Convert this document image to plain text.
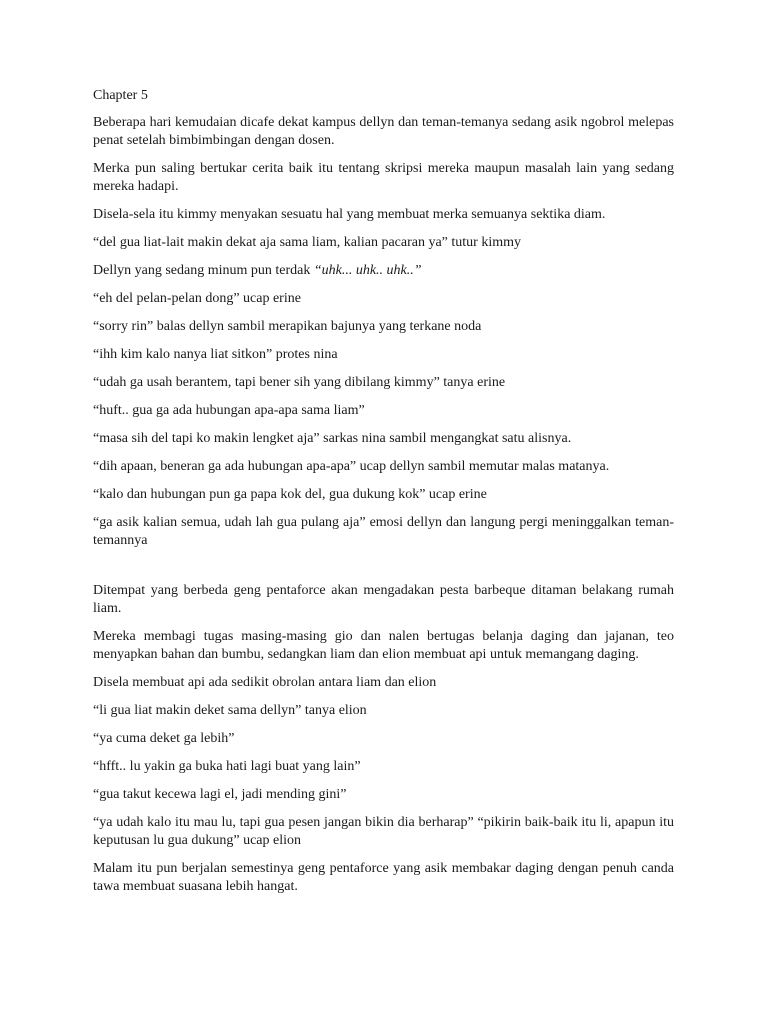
Chapter 5

Beberapa hari kemudaian dicafe dekat kampus dellyn dan teman-temanya sedang asik ngobrol melepas penat setelah bimbimbingan dengan dosen.

Merka pun saling bertukar cerita baik itu tentang skripsi mereka maupun masalah lain yang sedang mereka hadapi.

Disela-sela itu kimmy menyakan sesuatu hal yang membuat merka semuanya sektika diam.

“del gua liat-lait makin dekat aja sama liam, kalian pacaran ya” tutur kimmy

Dellyn yang sedang minum pun terdak “uhk... uhk.. uhk..”

“eh del pelan-pelan dong” ucap erine

“sorry rin” balas dellyn sambil merapikan bajunya yang terkane noda

“ihh kim kalo nanya liat sitkon” protes nina

“udah ga usah berantem, tapi bener sih yang dibilang kimmy” tanya erine

“huft.. gua ga ada hubungan apa-apa sama liam”

“masa sih del tapi ko makin lengket aja” sarkas nina sambil mengangkat satu alisnya.

“dih apaan, beneran ga ada hubungan apa-apa” ucap dellyn sambil memutar malas matanya.

“kalo dan hubungan pun ga papa kok del, gua dukung kok” ucap erine

“ga asik kalian semua, udah lah gua pulang aja” emosi dellyn dan langung pergi meninggalkan teman-temannya

Ditempat yang berbeda geng pentaforce akan mengadakan pesta barbeque ditaman belakang rumah liam.

Mereka membagi tugas masing-masing gio dan nalen bertugas belanja daging dan jajanan, teo menyapkan bahan dan bumbu, sedangkan liam dan elion membuat api untuk memangang daging.

Disela membuat api ada sedikit obrolan antara liam dan elion

“li gua liat makin deket sama dellyn” tanya elion

“ya cuma deket ga lebih”

“hfft.. lu yakin ga buka hati lagi buat yang lain”

“gua takut kecewa lagi el, jadi mending gini”

“ya udah kalo itu mau lu, tapi gua pesen jangan bikin dia berharap” “pikirin baik-baik itu li, apapun itu keputusan lu gua dukung” ucap elion

Malam itu pun berjalan semestinya geng pentaforce yang asik membakar daging dengan penuh canda tawa membuat suasana lebih hangat.
